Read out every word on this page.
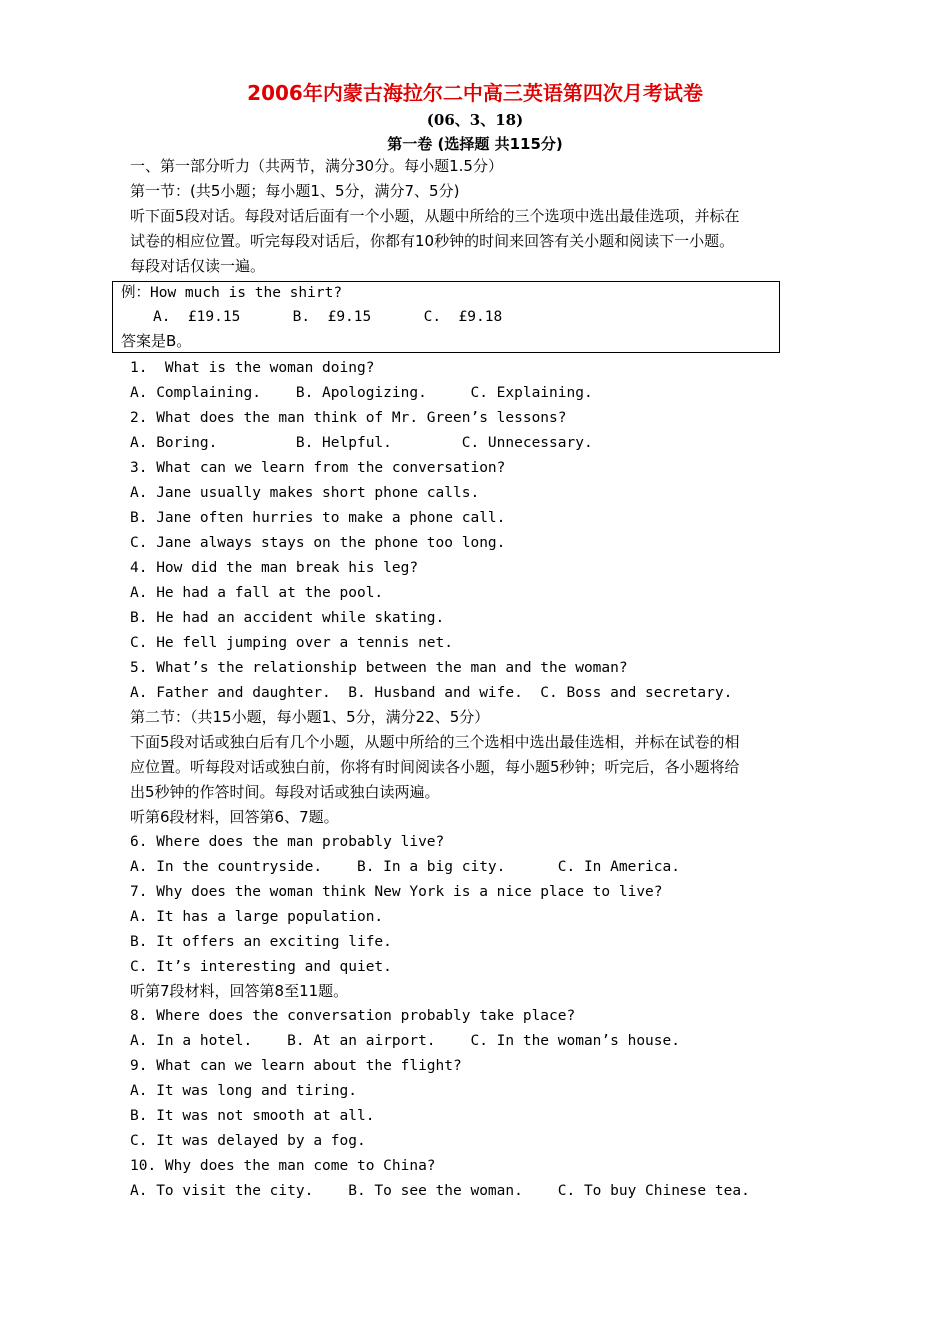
2006年内蒙古海拉尔二中高三英语第四次月考试卷
(06、3、18)
第一卷 (选择题 共115分)
一、第一部分听力（共两节，满分30分。每小题1.5分）
第一节：(共5小题；每小题1、5分，满分7、5分)
听下面5段对话。每段对话后面有一个小题，从题中所给的三个选项中选出最佳选项，并标在
试卷的相应位置。听完每段对话后，你都有10秒钟的时间来回答有关小题和阅读下一小题。
每段对话仅读一遍。
例：How much is the shirt?
A.  £19.15      B.  £9.15      C.  £9.18
答案是B。
1.  What is the woman doing?
A. Complaining.    B. Apologizing.     C. Explaining.
2. What does the man think of Mr. Green’s lessons?
A. Boring.         B. Helpful.        C. Unnecessary.
3. What can we learn from the conversation?
A. Jane usually makes short phone calls.
B. Jane often hurries to make a phone call.
C. Jane always stays on the phone too long.
4. How did the man break his leg?
A. He had a fall at the pool.
B. He had an accident while skating.
C. He fell jumping over a tennis net.
5. What’s the relationship between the man and the woman?
A. Father and daughter.  B. Husband and wife.  C. Boss and secretary.
第二节：（共15小题，每小题1、5分，满分22、5分）
下面5段对话或独白后有几个小题，从题中所给的三个选相中选出最佳选相，并标在试卷的相
应位置。听每段对话或独白前，你将有时间阅读各小题，每小题5秒钟；听完后，各小题将给
出5秒钟的作答时间。每段对话或独白读两遍。
听第6段材料，回答第6、7题。
6. Where does the man probably live?
A. In the countryside.    B. In a big city.      C. In America.
7. Why does the woman think New York is a nice place to live?
A. It has a large population.
B. It offers an exciting life.
C. It’s interesting and quiet.
听第7段材料，回答第8至11题。
8. Where does the conversation probably take place?
A. In a hotel.    B. At an airport.    C. In the woman’s house.
9. What can we learn about the flight?
A. It was long and tiring.
B. It was not smooth at all.
C. It was delayed by a fog.
10. Why does the man come to China?
A. To visit the city.    B. To see the woman.    C. To buy Chinese tea.
